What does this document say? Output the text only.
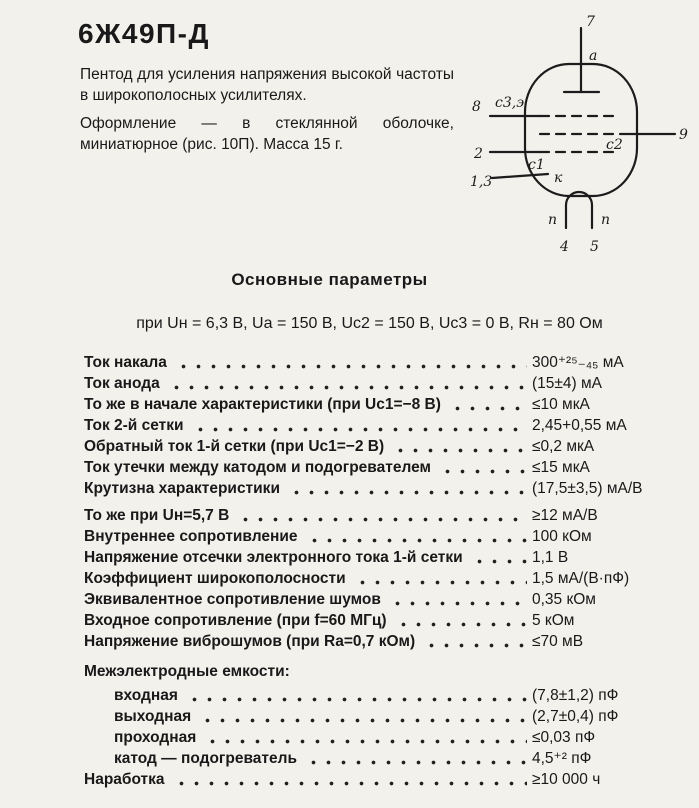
6Ж49П-Д

Пентод для усиления напряжения высокой частоты в широкополосных усилителях.

Оформление — в стеклянной оболочке, миниатюрное (рис. 10П). Масса 15 г.

7
a
8 с3,э
2
с1
с2
9
1,3	к
п	п
4 5
Основные параметры
при Uн = 6,3 В, Uа = 150 В, Uс2 = 150 В, Uс3 = 0 В, Rн = 80 Ом
Ток накала	300⁺²⁵₋₄₅ мА
Ток анода	(15±4) мА
То же в начале характеристики (при Uс1=−8 В)	≤10 мкА
Ток 2-й сетки	2,45+0,55 мА
Обратный ток 1-й сетки (при Uс1=−2 В)	≤0,2 мкА
Ток утечки между катодом и подогревателем	≤15 мкА
Крутизна характеристики	(17,5±3,5) мА/В
То же при Uн=5,7 В	≥12 мА/В
Внутреннее сопротивление	100 кОм
Напряжение отсечки электронного тока 1-й сетки	1,1 В
Коэффициент широкополосности	1,5 мА/(В·пФ)
Эквивалентное сопротивление шумов	0,35 кОм
Входное сопротивление (при f=60 МГц)	5 кОм
Напряжение виброшумов (при Rа=0,7 кОм)	≤70 мВ
Межэлектродные емкости:
входная	(7,8±1,2) пФ
выходная	(2,7±0,4) пФ
проходная	≤0,03 пФ
катод — подогреватель	4,5⁺² пФ
Наработка	≥10 000 ч
